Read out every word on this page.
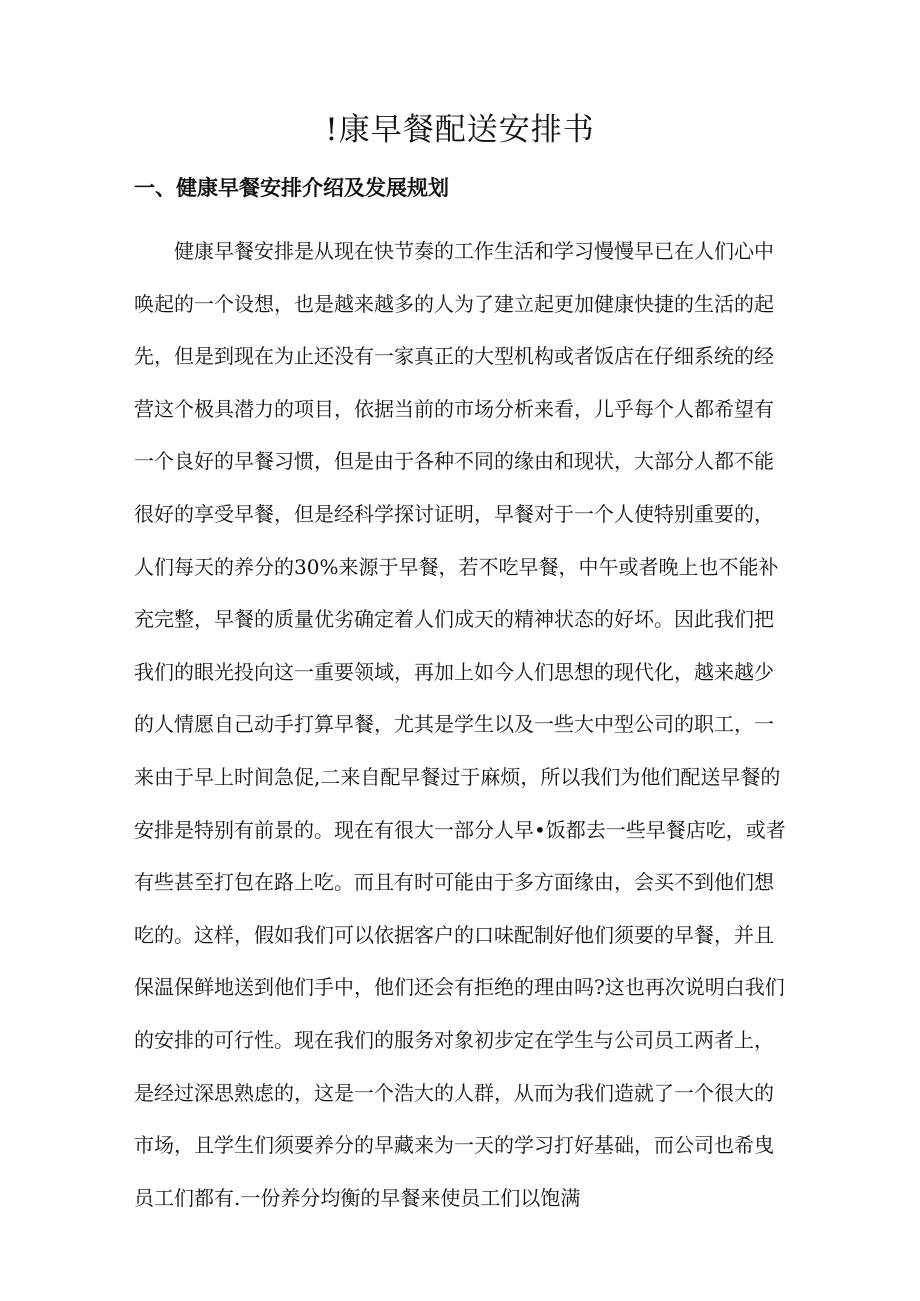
!康早餐配送安排书
一、健康早餐安排介绍及发展规划
健康早餐安排是从现在快节奏的工作生活和学习慢慢早已在人们心中
唤起的一个设想，也是越来越多的人为了建立起更加健康快捷的生活的起
先，但是到现在为止还没有一家真正的大型机构或者饭店在仔细系统的经
营这个极具潜力的项目，依据当前的市场分析来看，儿乎每个人都希望有
一个良好的早餐习惯，但是由于各种不同的缘由和现状，大部分人都不能
很好的享受早餐，但是经科学探讨证明，早餐对于一个人使特别重要的，
人们每天的养分的30%来源于早餐，若不吃早餐，中午或者晚上也不能补
充完整，早餐的质量优劣确定着人们成天的精神状态的好坏。因此我们把
我们的眼光投向这一重要领域，再加上如今人们思想的现代化，越来越少
的人情愿自己动手打算早餐，尤其是学生以及一些大中型公司的职工，一
来由于早上时间急促,二来自配早餐过于麻烦，所以我们为他们配送早餐的
安排是特别有前景的。现在有很大一部分人早•饭都去一些早餐店吃，或者
有些甚至打包在路上吃。而且有时可能由于多方面缘由，会买不到他们想
吃的。这样，假如我们可以依据客户的口味配制好他们须要的早餐，并且
保温保鲜地送到他们手中，他们还会有拒绝的理由吗?这也再次说明白我们
的安排的可行性。现在我们的服务对象初步定在学生与公司员工两者上，
是经过深思熟虑的，这是一个浩大的人群，从而为我们造就了一个很大的
市场，且学生们须要养分的早藏来为一天的学习打好基础，而公司也希曳
员工们都有.一份养分均衡的早餐来使员工们以饱满
